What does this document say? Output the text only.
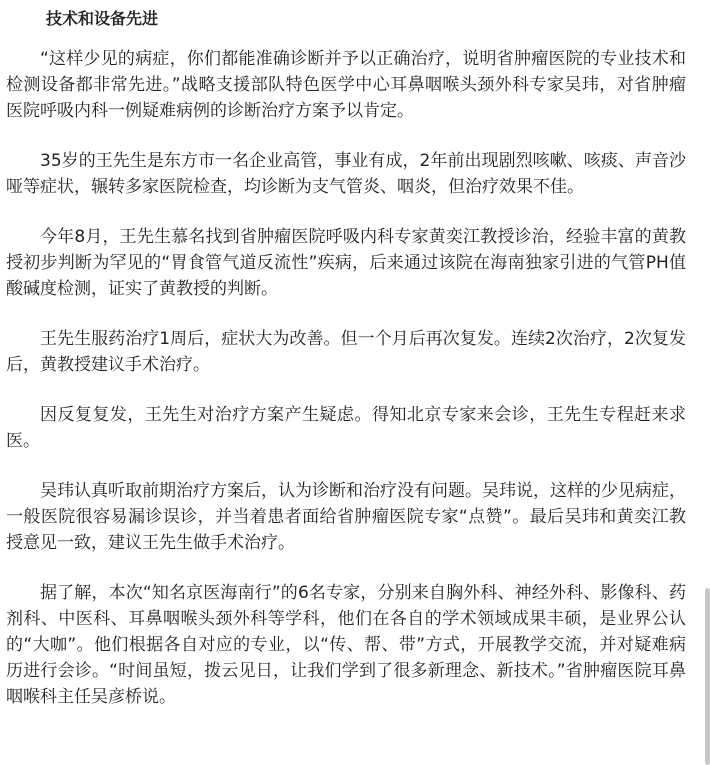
技术和设备先进

“这样少见的病症，你们都能准确诊断并予以正确治疗，说明省肿瘤医院的专业技术和检测设备都非常先进。”战略支援部队特色医学中心耳鼻咽喉头颈外科专家吴玮，对省肿瘤医院呼吸内科一例疑难病例的诊断治疗方案予以肯定。

35岁的王先生是东方市一名企业高管，事业有成，2年前出现剧烈咳嗽、咳痰、声音沙哑等症状，辗转多家医院检查，均诊断为支气管炎、咽炎，但治疗效果不佳。

今年8月，王先生慕名找到省肿瘤医院呼吸内科专家黄奕江教授诊治，经验丰富的黄教授初步判断为罕见的“胃食管气道反流性”疾病，后来通过该院在海南独家引进的气管PH值酸碱度检测，证实了黄教授的判断。

王先生服药治疗1周后，症状大为改善。但一个月后再次复发。连续2次治疗，2次复发后，黄教授建议手术治疗。

因反复复发，王先生对治疗方案产生疑虑。得知北京专家来会诊，王先生专程赶来求医。

吴玮认真听取前期治疗方案后，认为诊断和治疗没有问题。吴玮说，这样的少见病症，一般医院很容易漏诊误诊，并当着患者面给省肿瘤医院专家“点赞”。最后吴玮和黄奕江教授意见一致，建议王先生做手术治疗。

据了解，本次“知名京医海南行”的6名专家，分别来自胸外科、神经外科、影像科、药剂科、中医科、耳鼻咽喉头颈外科等学科，他们在各自的学术领域成果丰硕，是业界公认的“大咖”。他们根据各自对应的专业，以“传、帮、带”方式，开展教学交流，并对疑难病历进行会诊。“时间虽短，拨云见日，让我们学到了很多新理念、新技术。”省肿瘤医院耳鼻咽喉科主任吴彦桥说。
